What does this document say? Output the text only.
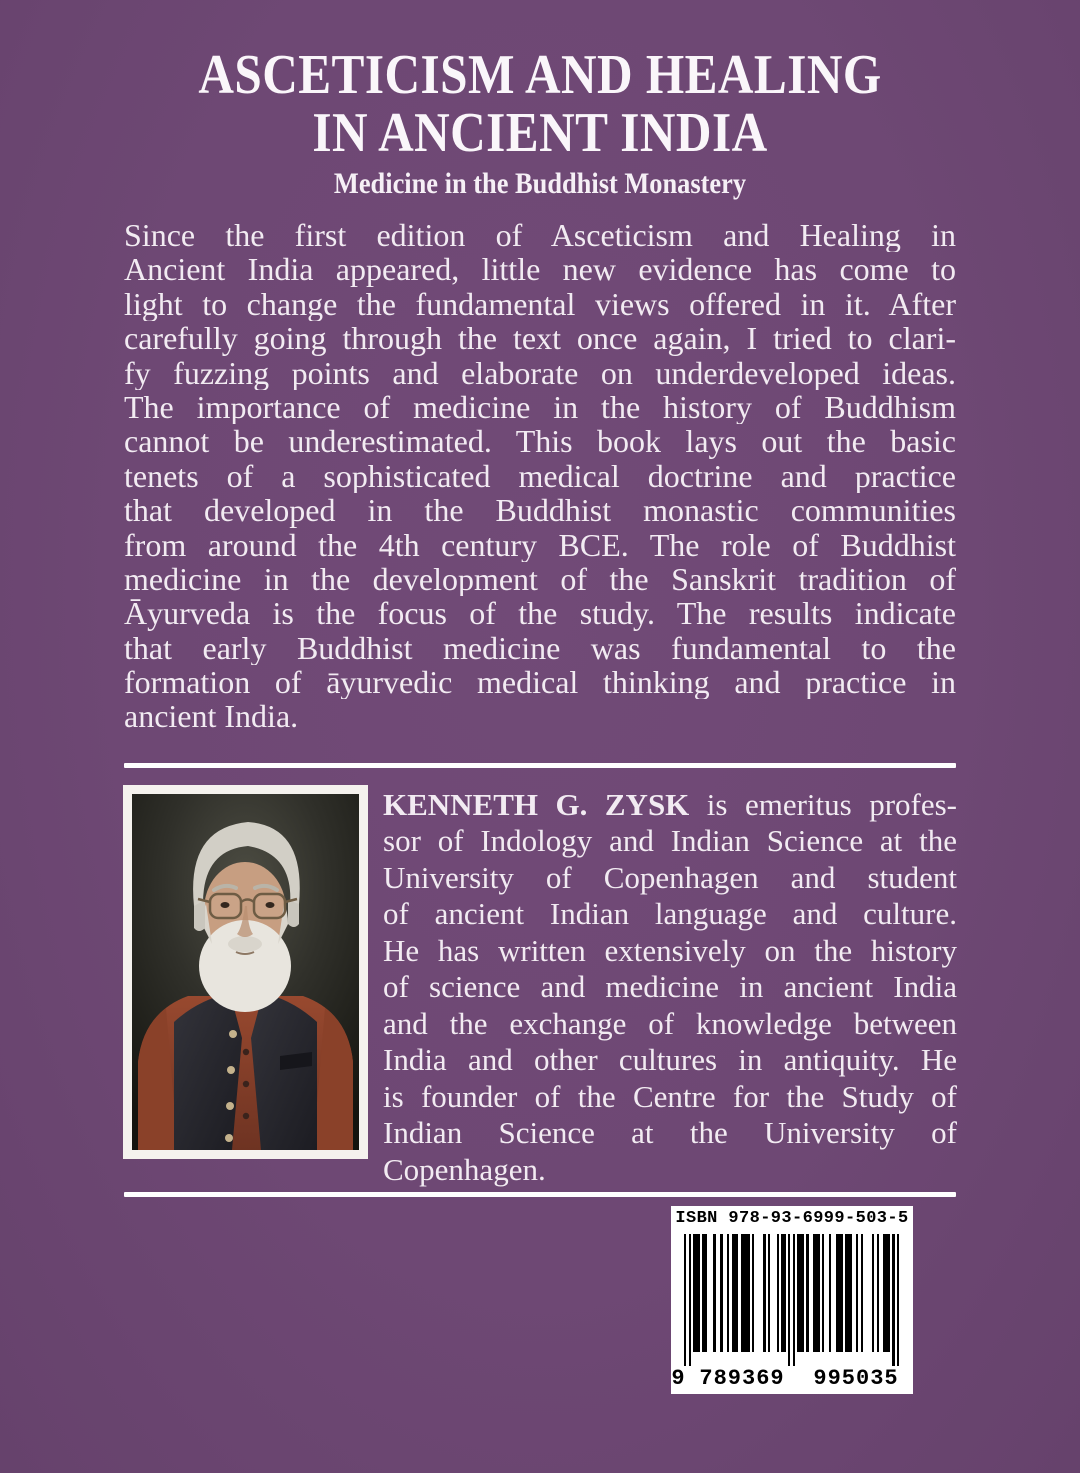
ASCETICISM AND HEALING
IN ANCIENT INDIA
Medicine in the Buddhist Monastery
Since the first edition of Asceticism and Healing in
Ancient India appeared, little new evidence has come to
light to change the fundamental views offered in it. After
carefully going through the text once again, I tried to clari-
fy fuzzing points and elaborate on underdeveloped ideas.
The importance of medicine in the history of Buddhism
cannot be underestimated. This book lays out the basic
tenets of a sophisticated medical doctrine and practice
that developed in the Buddhist monastic communities
from around the 4th century BCE. The role of Buddhist
medicine in the development of the Sanskrit tradition of
Āyurveda is the focus of the study. The results indicate
that early Buddhist medicine was fundamental to the
formation of āyurvedic medical thinking and practice in
ancient India.
KENNETH G. ZYSK is emeritus profes-
sor of Indology and Indian Science at the
University of Copenhagen and student
of ancient Indian language and culture.
He has written extensively on the history
of science and medicine in ancient India
and the exchange of knowledge between
India and other cultures in antiquity. He
is founder of the Centre for the Study of
Indian Science at the University of
Copenhagen.
ISBN 978-93-6999-503-5
9 789369	995035
